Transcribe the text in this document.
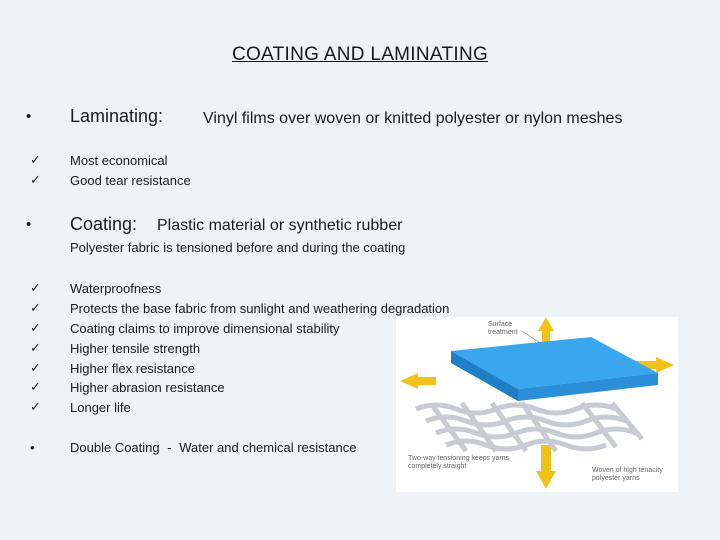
COATING AND LAMINATING
• Laminating: Vinyl films over woven or knitted polyester or nylon meshes
✓ Most economical
✓ Good tear resistance
• Coating: Plastic material or synthetic rubber
Polyester fabric is tensioned before and during the coating
✓ Waterproofness
✓ Protects the base fabric from sunlight and weathering degradation
✓ Coating claims to improve dimensional stability
✓ Higher tensile strength
✓ Higher flex resistance
✓ Higher abrasion resistance
✓ Longer life
Surface treatment
Two-way tensioning keeps yarns completely straight
Woven of high tenacity polyester yarns
•	Double Coating - Water and chemical resistance
